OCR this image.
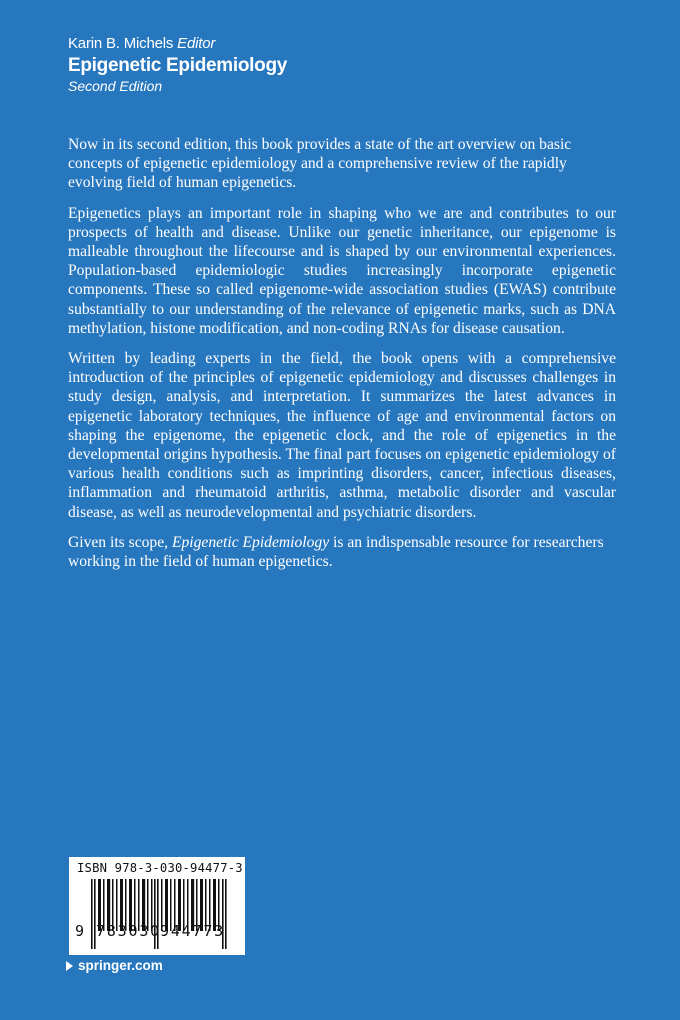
Karin B. Michels Editor
Epigenetic Epidemiology
Second Edition

Now in its second edition, this book provides a state of the art overview on basic concepts of epigenetic epidemiology and a comprehensive review of the rapidly evolving field of human epigenetics.

Epigenetics plays an important role in shaping who we are and contributes to our prospects of health and disease. Unlike our genetic inheritance, our epigenome is malleable throughout the lifecourse and is shaped by our environmental experiences. Population-based epidemiologic studies increasingly incorporate epigenetic components. These so called epigenome-wide association studies (EWAS) contribute substantially to our understanding of the relevance of epigenetic marks, such as DNA methylation, histone modification, and non-coding RNAs for disease causation.

Written by leading experts in the field, the book opens with a comprehensive introduction of the principles of epigenetic epidemiology and discusses challenges in study design, analysis, and interpretation. It summarizes the latest advances in epigenetic laboratory techniques, the influence of age and environmental factors on shaping the epigenome, the epigenetic clock, and the role of epigenetics in the developmental origins hypothesis. The final part focuses on epigenetic epidemiology of various health conditions such as imprinting disorders, cancer, infectious diseases, inflammation and rheumatoid arthritis, asthma, metabolic disorder and vascular disease, as well as neurodevelopmental and psychiatric disorders.

Given its scope, Epigenetic Epidemiology is an indispensable resource for researchers working in the field of human epigenetics.

ISBN 978-3-030-94477-3
9 783030 944773
springer.com
